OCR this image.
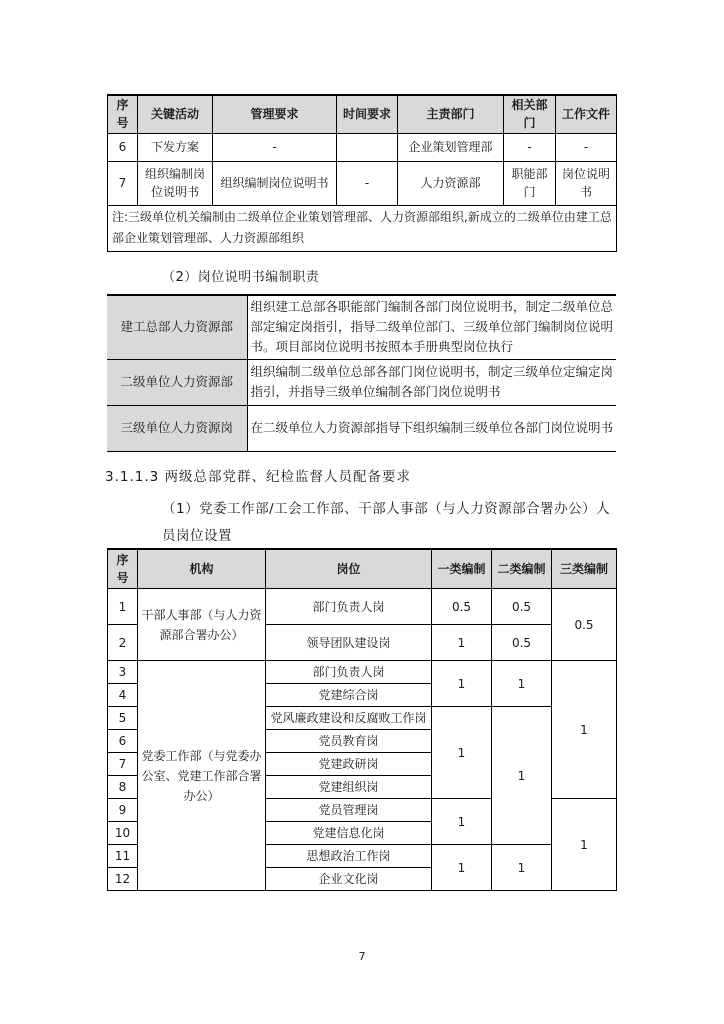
序号	关键活动	管理要求	时间要求	主责部门	相关部门	工作文件
6	下发方案	-		企业策划管理部	-	-
7	组织编制岗位说明书	组织编制岗位说明书	-	人力资源部	职能部门	岗位说明书
注:三级单位机关编制由二级单位企业策划管理部、人力资源部组织,新成立的二级单位由建工总部企业策划管理部、人力资源部组织						
（2）岗位说明书编制职责
建工总部人力资源部	组织建工总部各职能部门编制各部门岗位说明书，制定二级单位总部定编定岗指引，指导二级单位部门、三级单位部门编制岗位说明书。项目部岗位说明书按照本手册典型岗位执行
二级单位人力资源部	组织编制二级单位总部各部门岗位说明书，制定三级单位定编定岗指引，并指导三级单位编制各部门岗位说明书
三级单位人力资源岗	在二级单位人力资源部指导下组织编制三级单位各部门岗位说明书
3.1.1.3 两级总部党群、纪检监督人员配备要求
（1）党委工作部/工会工作部、干部人事部（与人力资源部合署办公）人员岗位设置
序号	机构	岗位	一类编制	二类编制	三类编制
1	干部人事部（与人力资源部合署办公）	部门负责人岗	0.5	0.5	0.5
2		领导团队建设岗	1	0.5	
3	党委工作部（与党委办公室、党建工作部合署办公）	部门负责人岗	1	1	1
4		党建综合岗			
5		党风廉政建设和反腐败工作岗	1	1	
6		党员教育岗			
7		党建政研岗			
8		党建组织岗			
9		党员管理岗	1		1
10		党建信息化岗			
11		思想政治工作岗	1	1	
12		企业文化岗			
7
